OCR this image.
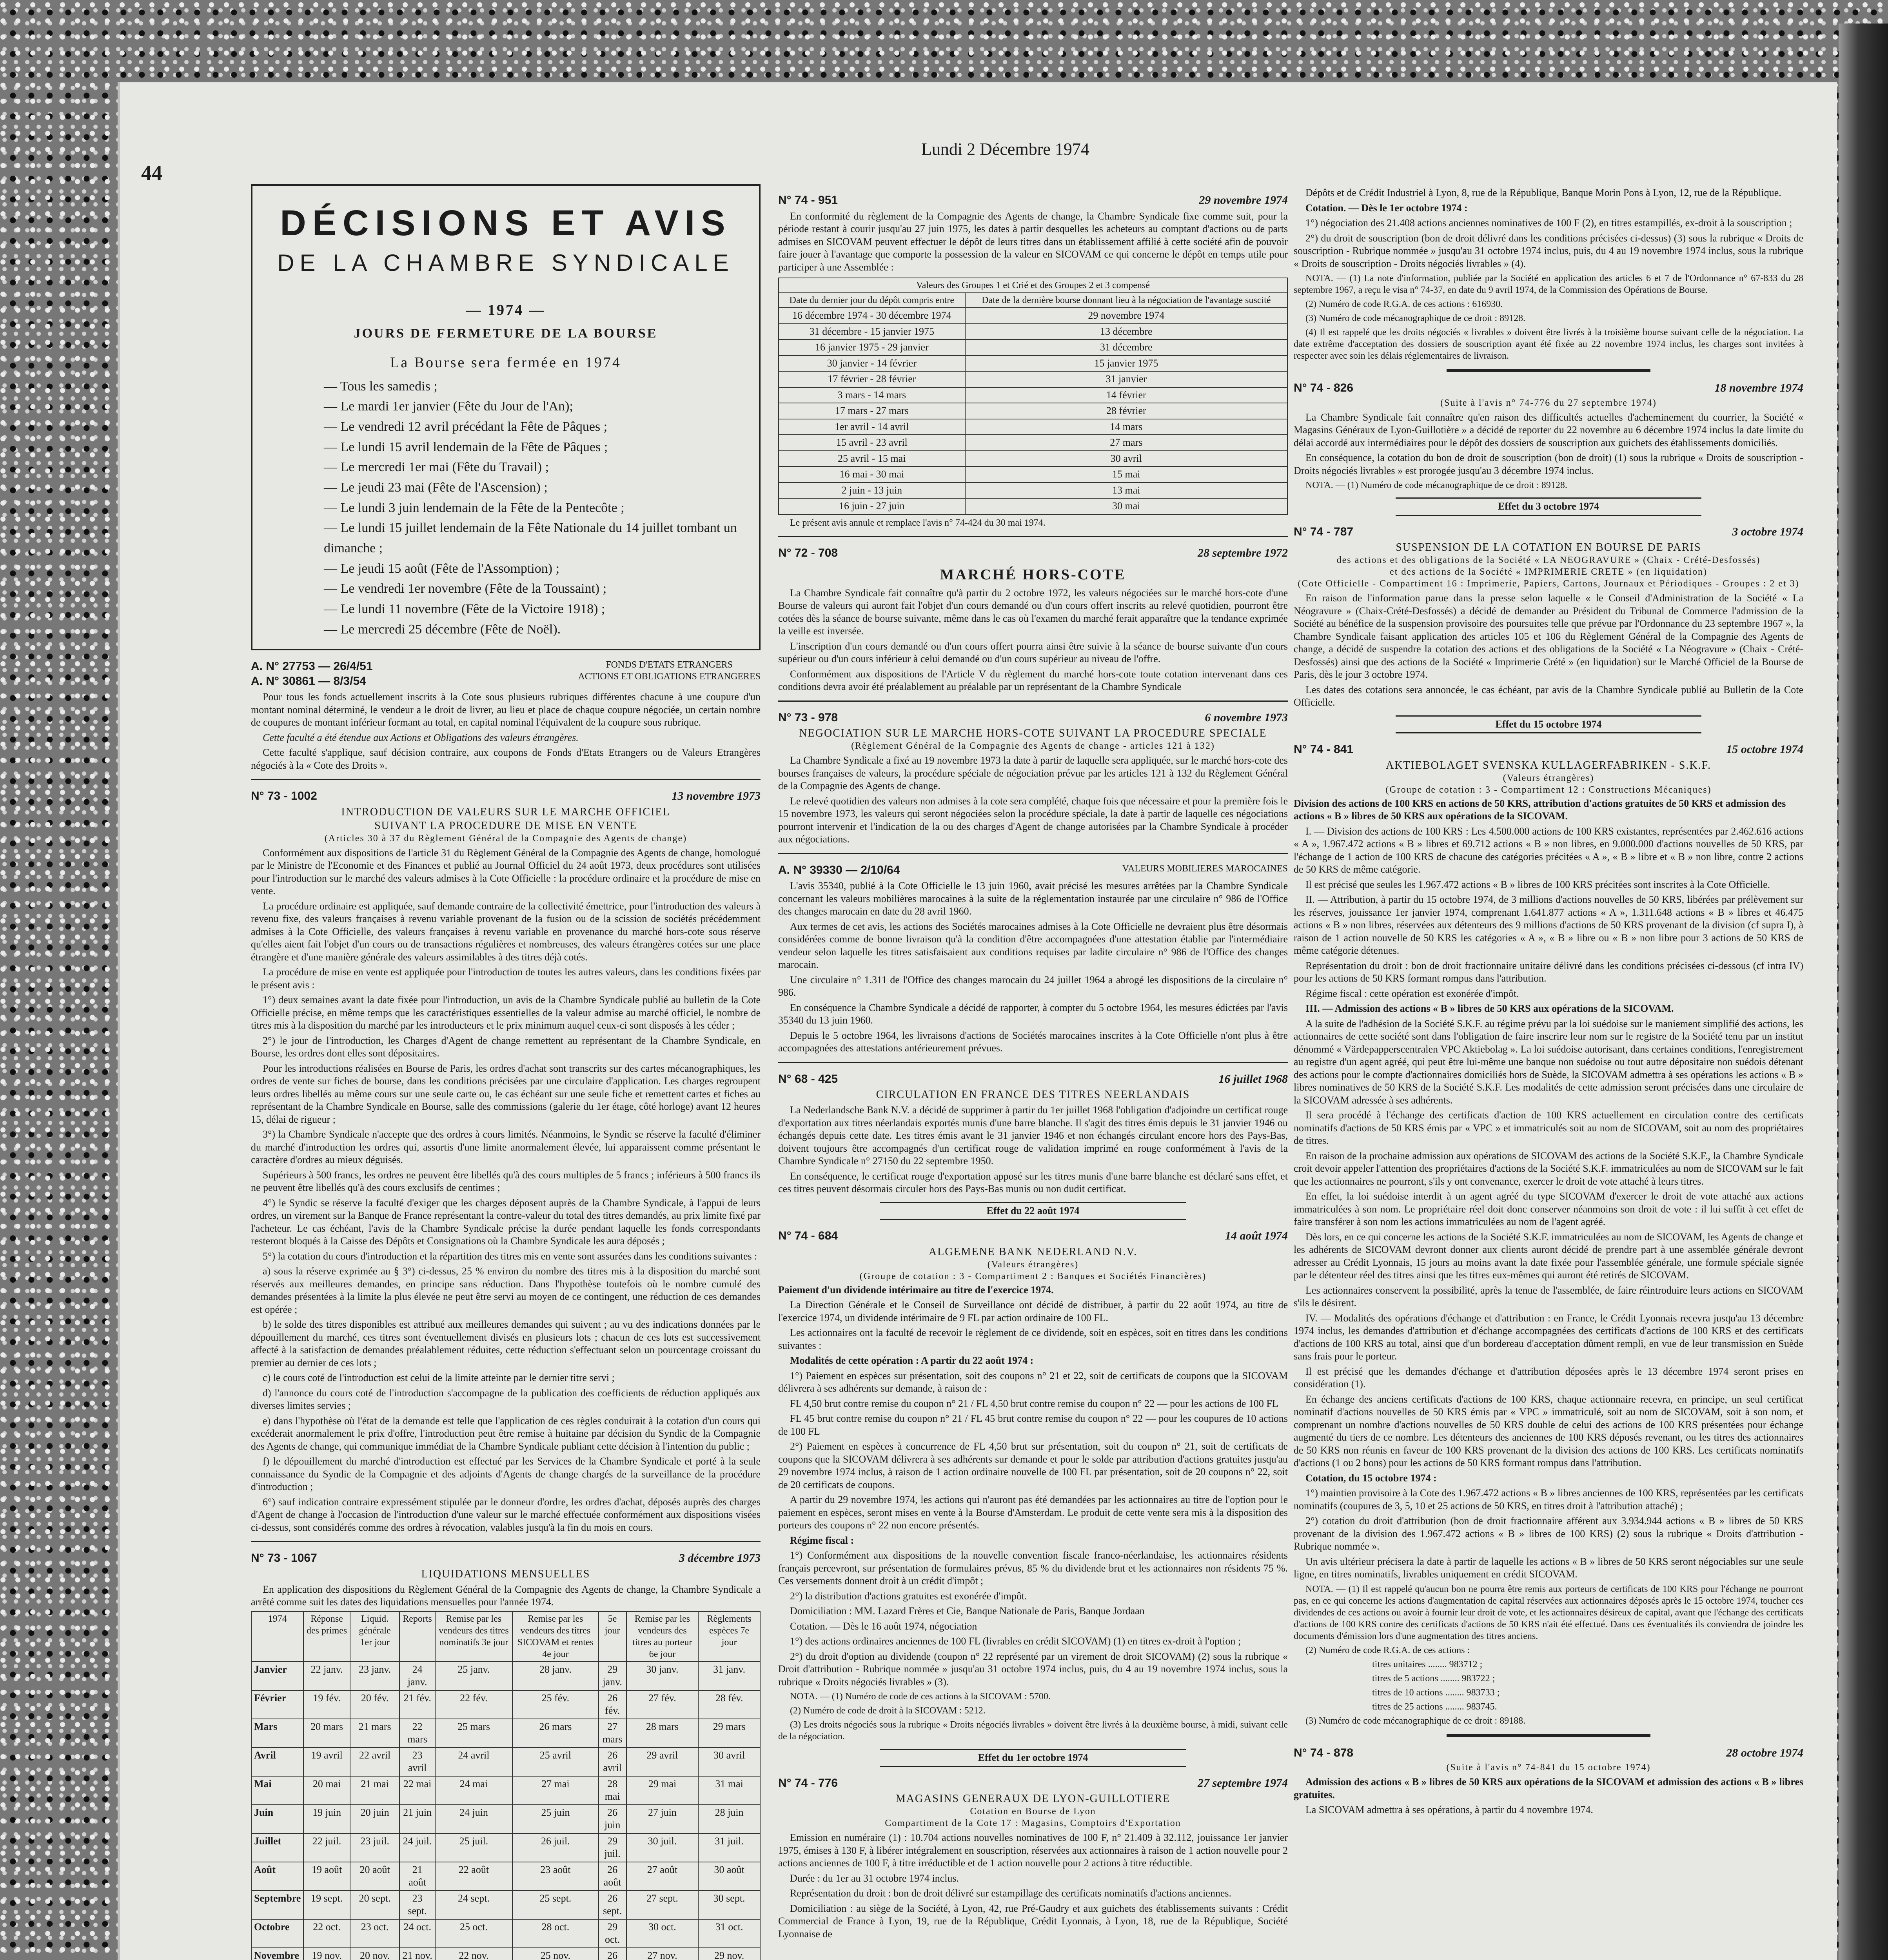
44
Lundi 2 Décembre 1974
DÉCISIONS ET AVIS
DE LA CHAMBRE SYNDICALE
— 1974 —
JOURS DE FERMETURE DE LA BOURSE
La Bourse sera fermée en 1974
— Tous les samedis ;
— Le mardi 1er janvier (Fête du Jour de l'An);
— Le vendredi 12 avril précédant la Fête de Pâques ;
— Le lundi 15 avril lendemain de la Fête de Pâques ;
— Le mercredi 1er mai (Fête du Travail) ;
— Le jeudi 23 mai (Fête de l'Ascension) ;
— Le lundi 3 juin lendemain de la Fête de la Pentecôte ;
— Le lundi 15 juillet lendemain de la Fête Nationale du 14 juillet tombant un dimanche ;
— Le jeudi 15 août (Fête de l'Assomption) ;
— Le vendredi 1er novembre (Fête de la Toussaint) ;
— Le lundi 11 novembre (Fête de la Victoire 1918) ;
— Le mercredi 25 décembre (Fête de Noël).
A. N° 27753 — 26/4/51
A. N° 30861 — 8/3/54
FONDS D'ETATS ETRANGERS
ACTIONS ET OBLIGATIONS ETRANGERES
Pour tous les fonds actuellement inscrits à la Cote sous plusieurs rubriques différentes chacune à une coupure d'un montant nominal déterminé, le vendeur a le droit de livrer, au lieu et place de chaque coupure négociée, un certain nombre de coupures de montant inférieur formant au total, en capital nominal l'équivalent de la coupure sous rubrique.
Cette faculté a été étendue aux Actions et Obligations des valeurs étrangères.
Cette faculté s'applique, sauf décision contraire, aux coupons de Fonds d'Etats Etrangers ou de Valeurs Etrangères négociés à la « Cote des Droits ».
N° 73 - 1002	13 novembre 1973
INTRODUCTION DE VALEURS SUR LE MARCHE OFFICIEL
SUIVANT LA PROCEDURE DE MISE EN VENTE
(Articles 30 à 37 du Règlement Général de la Compagnie des Agents de change)
Conformément aux dispositions de l'article 31 du Règlement Général de la Compagnie des Agents de change, homologué par le Ministre de l'Economie et des Finances et publié au Journal Officiel du 24 août 1973, deux procédures sont utilisées pour l'introduction sur le marché des valeurs admises à la Cote Officielle : la procédure ordinaire et la procédure de mise en vente.
La procédure ordinaire est appliquée, sauf demande contraire de la collectivité émettrice, pour l'introduction des valeurs à revenu fixe, des valeurs françaises à revenu variable provenant de la fusion ou de la scission de sociétés précédemment admises à la Cote Officielle, des valeurs françaises à revenu variable en provenance du marché hors-cote sous réserve qu'elles aient fait l'objet d'un cours ou de transactions régulières et nombreuses, des valeurs étrangères cotées sur une place étrangère et d'une manière générale des valeurs assimilables à des titres déjà cotés.
La procédure de mise en vente est appliquée pour l'introduction de toutes les autres valeurs, dans les conditions fixées par le présent avis :
1°) deux semaines avant la date fixée pour l'introduction, un avis de la Chambre Syndicale publié au bulletin de la Cote Officielle précise, en même temps que les caractéristiques essentielles de la valeur admise au marché officiel, le nombre de titres mis à la disposition du marché par les introducteurs et le prix minimum auquel ceux-ci sont disposés à les céder ;
2°) le jour de l'introduction, les Charges d'Agent de change remettent au représentant de la Chambre Syndicale, en Bourse, les ordres dont elles sont dépositaires.
Pour les introductions réalisées en Bourse de Paris, les ordres d'achat sont transcrits sur des cartes mécanographiques, les ordres de vente sur fiches de bourse, dans les conditions précisées par une circulaire d'application. Les charges regroupent leurs ordres libellés au même cours sur une seule carte ou, le cas échéant sur une seule fiche et remettent cartes et fiches au représentant de la Chambre Syndicale en Bourse, salle des commissions (galerie du 1er étage, côté horloge) avant 12 heures 15, délai de rigueur ;
3°) la Chambre Syndicale n'accepte que des ordres à cours limités. Néanmoins, le Syndic se réserve la faculté d'éliminer du marché d'introduction les ordres qui, assortis d'une limite anormalement élevée, lui apparaissent comme présentant le caractère d'ordres au mieux déguisés.
Supérieurs à 500 francs, les ordres ne peuvent être libellés qu'à des cours multiples de 5 francs ; inférieurs à 500 francs ils ne peuvent être libellés qu'à des cours exclusifs de centimes ;
4°) le Syndic se réserve la faculté d'exiger que les charges déposent auprès de la Chambre Syndicale, à l'appui de leurs ordres, un virement sur la Banque de France représentant la contre-valeur du total des titres demandés, au prix limite fixé par l'acheteur. Le cas échéant, l'avis de la Chambre Syndicale précise la durée pendant laquelle les fonds correspondants resteront bloqués à la Caisse des Dépôts et Consignations où la Chambre Syndicale les aura déposés ;
5°) la cotation du cours d'introduction et la répartition des titres mis en vente sont assurées dans les conditions suivantes :
a) sous la réserve exprimée au § 3°) ci-dessus, 25 % environ du nombre des titres mis à la disposition du marché sont réservés aux meilleures demandes, en principe sans réduction. Dans l'hypothèse toutefois où le nombre cumulé des demandes présentées à la limite la plus élevée ne peut être servi au moyen de ce contingent, une réduction de ces demandes est opérée ;
b) le solde des titres disponibles est attribué aux meilleures demandes qui suivent ; au vu des indications données par le dépouillement du marché, ces titres sont éventuellement divisés en plusieurs lots ; chacun de ces lots est successivement affecté à la satisfaction de demandes préalablement réduites, cette réduction s'effectuant selon un pourcentage croissant du premier au dernier de ces lots ;
c) le cours coté de l'introduction est celui de la limite atteinte par le dernier titre servi ;
d) l'annonce du cours coté de l'introduction s'accompagne de la publication des coefficients de réduction appliqués aux diverses limites servies ;
e) dans l'hypothèse où l'état de la demande est telle que l'application de ces règles conduirait à la cotation d'un cours qui excéderait anormalement le prix d'offre, l'introduction peut être remise à huitaine par décision du Syndic de la Compagnie des Agents de change, qui communique immédiat de la Chambre Syndicale publiant cette décision à l'intention du public ;
f) le dépouillement du marché d'introduction est effectué par les Services de la Chambre Syndicale et porté à la seule connaissance du Syndic de la Compagnie et des adjoints d'Agents de change chargés de la surveillance de la procédure d'introduction ;
6°) sauf indication contraire expressément stipulée par le donneur d'ordre, les ordres d'achat, déposés auprès des charges d'Agent de change à l'occasion de l'introduction d'une valeur sur le marché effectuée conformément aux dispositions visées ci-dessus, sont considérés comme des ordres à révocation, valables jusqu'à la fin du mois en cours.
N° 73 - 1067	3 décembre 1973
LIQUIDATIONS MENSUELLES
En application des dispositions du Règlement Général de la Compagnie des Agents de change, la Chambre Syndicale a arrêté comme suit les dates des liquidations mensuelles pour l'année 1974.
1974	Réponse des primes	Liquid. générale 1er jour	Reports	Remise par les vendeurs des titres nominatifs 3e jour	Remise par les vendeurs des titres SICOVAM et rentes 4e jour	5e jour	Remise par les vendeurs des titres au porteur 6e jour	Règlements espèces 7e jour
Janvier	22 janv.	23 janv.	24 janv.	25 janv.	28 janv.	29 janv.	30 janv.	31 janv.
Février	19 fév.	20 fév.	21 fév.	22 fév.	25 fév.	26 fév.	27 fév.	28 fév.
Mars	20 mars	21 mars	22 mars	25 mars	26 mars	27 mars	28 mars	29 mars
Avril	19 avril	22 avril	23 avril	24 avril	25 avril	26 avril	29 avril	30 avril
Mai	20 mai	21 mai	22 mai	24 mai	27 mai	28 mai	29 mai	31 mai
Juin	19 juin	20 juin	21 juin	24 juin	25 juin	26 juin	27 juin	28 juin
Juillet	22 juil.	23 juil.	24 juil.	25 juil.	26 juil.	29 juil.	30 juil.	31 juil.
Août	19 août	20 août	21 août	22 août	23 août	26 août	27 août	30 août
Septembre	19 sept.	20 sept.	23 sept.	24 sept.	25 sept.	26 sept.	27 sept.	30 sept.
Octobre	22 oct.	23 oct.	24 oct.	25 oct.	28 oct.	29 oct.	30 oct.	31 oct.
Novembre	19 nov.	20 nov.	21 nov.	22 nov.	25 nov.	26	27 nov.	29 nov.

N° 74 - 951	29 novembre 1974
En conformité du règlement de la Compagnie des Agents de change, la Chambre Syndicale fixe comme suit, pour la période restant à courir jusqu'au 27 juin 1975, les dates à partir desquelles les acheteurs au comptant d'actions ou de parts admises en SICOVAM peuvent effectuer le dépôt de leurs titres dans un établissement affilié à cette société afin de pouvoir faire jouer à l'avantage que comporte la possession de la valeur en SICOVAM ce qui concerne le dépôt en temps utile pour participer à une Assemblée :
Valeurs des Groupes 1 et Crié et des Groupes 2 et 3 compensé	
Date du dernier jour du dépôt compris entre	Date de la dernière bourse donnant lieu à la négociation de l'avantage suscité
16 décembre 1974 - 30 décembre 1974	29 novembre 1974
31 décembre - 15 janvier 1975	13 décembre
16 janvier 1975 - 29 janvier	31 décembre
30 janvier - 14 février	15 janvier 1975
17 février - 28 février	31 janvier
3 mars - 14 mars	14 février
17 mars - 27 mars	28 février
1er avril - 14 avril	14 mars
15 avril - 23 avril	27 mars
25 avril - 15 mai	30 avril
16 mai - 30 mai	15 mai
2 juin - 13 juin	13 mai
16 juin - 27 juin	30 mai
Le présent avis annule et remplace l'avis n° 74-424 du 30 mai 1974.
N° 72 - 708	28 septembre 1972
MARCHÉ HORS-COTE
La Chambre Syndicale fait connaître qu'à partir du 2 octobre 1972, les valeurs négociées sur le marché hors-cote d'une Bourse de valeurs qui auront fait l'objet d'un cours demandé ou d'un cours offert inscrits au relevé quotidien, pourront être cotées dès la séance de bourse suivante, même dans le cas où l'examen du marché ferait apparaître que la tendance exprimée la veille est inversée.
L'inscription d'un cours demandé ou d'un cours offert pourra ainsi être suivie à la séance de bourse suivante d'un cours supérieur ou d'un cours inférieur à celui demandé ou d'un cours supérieur au niveau de l'offre.
Conformément aux dispositions de l'Article V du règlement du marché hors-cote toute cotation intervenant dans ces conditions devra avoir été préalablement au préalable par un représentant de la Chambre Syndicale
N° 73 - 978	6 novembre 1973
NEGOCIATION SUR LE MARCHE HORS-COTE SUIVANT LA PROCEDURE SPECIALE
(Règlement Général de la Compagnie des Agents de change - articles 121 à 132)
La Chambre Syndicale a fixé au 19 novembre 1973 la date à partir de laquelle sera appliquée, sur le marché hors-cote des bourses françaises de valeurs, la procédure spéciale de négociation prévue par les articles 121 à 132 du Règlement Général de la Compagnie des Agents de change.
Le relevé quotidien des valeurs non admises à la cote sera complété, chaque fois que nécessaire et pour la première fois le 15 novembre 1973, les valeurs qui seront négociées selon la procédure spéciale, la date à partir de laquelle ces négociations pourront intervenir et l'indication de la ou des charges d'Agent de change autorisées par la Chambre Syndicale à procéder aux négociations.
A. N° 39330 — 2/10/64	VALEURS MOBILIERES MAROCAINES
L'avis 35340, publié à la Cote Officielle le 13 juin 1960, avait précisé les mesures arrêtées par la Chambre Syndicale concernant les valeurs mobilières marocaines à la suite de la réglementation instaurée par une circulaire n° 986 de l'Office des changes marocain en date du 28 avril 1960.
Aux termes de cet avis, les actions des Sociétés marocaines admises à la Cote Officielle ne devraient plus être désormais considérées comme de bonne livraison qu'à la condition d'être accompagnées d'une attestation établie par l'intermédiaire vendeur selon laquelle les titres satisfaisaient aux conditions requises par ladite circulaire n° 986 de l'Office des changes marocain.
Une circulaire n° 1.311 de l'Office des changes marocain du 24 juillet 1964 a abrogé les dispositions de la circulaire n° 986.
En conséquence la Chambre Syndicale a décidé de rapporter, à compter du 5 octobre 1964, les mesures édictées par l'avis 35340 du 13 juin 1960.
Depuis le 5 octobre 1964, les livraisons d'actions de Sociétés marocaines inscrites à la Cote Officielle n'ont plus à être accompagnées des attestations antérieurement prévues.
N° 68 - 425	16 juillet 1968
CIRCULATION EN FRANCE DES TITRES NEERLANDAIS
La Nederlandsche Bank N.V. a décidé de supprimer à partir du 1er juillet 1968 l'obligation d'adjoindre un certificat rouge d'exportation aux titres néerlandais exportés munis d'une barre blanche. Il s'agit des titres émis depuis le 31 janvier 1946 ou échangés depuis cette date. Les titres émis avant le 31 janvier 1946 et non échangés circulant encore hors des Pays-Bas, doivent toujours être accompagnés d'un certificat rouge de validation imprimé en rouge conformément à l'avis de la Chambre Syndicale n° 27150 du 22 septembre 1950.
En conséquence, le certificat rouge d'exportation apposé sur les titres munis d'une barre blanche est déclaré sans effet, et ces titres peuvent désormais circuler hors des Pays-Bas munis ou non dudit certificat.
Effet du 22 août 1974
N° 74 - 684	14 août 1974
ALGEMENE BANK NEDERLAND N.V.
(Valeurs étrangères)
(Groupe de cotation : 3 - Compartiment 2 : Banques et Sociétés Financières)
Paiement d'un dividende intérimaire au titre de l'exercice 1974.
La Direction Générale et le Conseil de Surveillance ont décidé de distribuer, à partir du 22 août 1974, au titre de l'exercice 1974, un dividende intérimaire de 9 FL par action ordinaire de 100 FL.
Les actionnaires ont la faculté de recevoir le règlement de ce dividende, soit en espèces, soit en titres dans les conditions suivantes :
Modalités de cette opération : A partir du 22 août 1974 :
1°) Paiement en espèces sur présentation, soit des coupons n° 21 et 22, soit de certificats de coupons que la SICOVAM délivrera à ses adhérents sur demande, à raison de :
FL 4,50 brut contre remise du coupon n° 21 / FL 4,50 brut contre remise du coupon n° 22 — pour les actions de 100 FL
FL 45 brut contre remise du coupon n° 21 / FL 45 brut contre remise du coupon n° 22 — pour les coupures de 10 actions de 100 FL
2°) Paiement en espèces à concurrence de FL 4,50 brut sur présentation, soit du coupon n° 21, soit de certificats de coupons que la SICOVAM délivrera à ses adhérents sur demande et pour le solde par attribution d'actions gratuites jusqu'au 29 novembre 1974 inclus, à raison de 1 action ordinaire nouvelle de 100 FL par présentation, soit de 20 coupons n° 22, soit de 20 certificats de coupons.
A partir du 29 novembre 1974, les actions qui n'auront pas été demandées par les actionnaires au titre de l'option pour le paiement en espèces, seront mises en vente à la Bourse d'Amsterdam. Le produit de cette vente sera mis à la disposition des porteurs des coupons n° 22 non encore présentés.
Régime fiscal :
1°) Conformément aux dispositions de la nouvelle convention fiscale franco-néerlandaise, les actionnaires résidents français percevront, sur présentation de formulaires prévus, 85 % du dividende brut et les actionnaires non résidents 75 %. Ces versements donnent droit à un crédit d'impôt ;
2°) la distribution d'actions gratuites est exonérée d'impôt.
Domiciliation : MM. Lazard Frères et Cie, Banque Nationale de Paris, Banque Jordaan
Cotation. — Dès le 16 août 1974, négociation
1°) des actions ordinaires anciennes de 100 FL (livrables en crédit SICOVAM) (1) en titres ex-droit à l'option ;
2°) du droit d'option au dividende (coupon n° 22 représenté par un virement de droit SICOVAM) (2) sous la rubrique « Droit d'attribution - Rubrique nommée » jusqu'au 31 octobre 1974 inclus, puis, du 4 au 19 novembre 1974 inclus, sous la rubrique « Droits négociés livrables » (3).
NOTA. — (1) Numéro de code de ces actions à la SICOVAM : 5700.
(2) Numéro de code de droit à la SICOVAM : 5212.
(3) Les droits négociés sous la rubrique « Droits négociés livrables » doivent être livrés à la deuxième bourse, à midi, suivant celle de la négociation.
Effet du 1er octobre 1974
N° 74 - 776	27 septembre 1974
MAGASINS GENERAUX DE LYON-GUILLOTIERE
Cotation en Bourse de Lyon
Compartiment de la Cote 17 : Magasins, Comptoirs d'Exportation
Emission en numéraire (1) : 10.704 actions nouvelles nominatives de 100 F, n° 21.409 à 32.112, jouissance 1er janvier 1975, émises à 130 F, à libérer intégralement en souscription, réservées aux actionnaires à raison de 1 action nouvelle pour 2 actions anciennes de 100 F, à titre irréductible et de 1 action nouvelle pour 2 actions à titre réductible.
Durée : du 1er au 31 octobre 1974 inclus.
Représentation du droit : bon de droit délivré sur estampillage des certificats nominatifs d'actions anciennes.
Domiciliation : au siège de la Société, à Lyon, 42, rue Pré-Gaudry et aux guichets des établissements suivants : Crédit Commercial de France à Lyon, 19, rue de la République, Crédit Lyonnais, à Lyon, 18, rue de la République, Société Lyonnaise de
Dépôts et de Crédit Industriel à Lyon, 8, rue de la République, Banque Morin Pons à Lyon, 12, rue de la République.
Cotation. — Dès le 1er octobre 1974 :
1°) négociation des 21.408 actions anciennes nominatives de 100 F (2), en titres estampillés, ex-droit à la souscription ;
2°) du droit de souscription (bon de droit délivré dans les conditions précisées ci-dessus) (3) sous la rubrique « Droits de souscription - Rubrique nommée » jusqu'au 31 octobre 1974 inclus, puis, du 4 au 19 novembre 1974 inclus, sous la rubrique « Droits de souscription - Droits négociés livrables » (4).
NOTA. — (1) La note d'information, publiée par la Société en application des articles 6 et 7 de l'Ordonnance n° 67-833 du 28 septembre 1967, a reçu le visa n° 74-37, en date du 9 avril 1974, de la Commission des Opérations de Bourse.
(2) Numéro de code R.G.A. de ces actions : 616930.
(3) Numéro de code mécanographique de ce droit : 89128.
(4) Il est rappelé que les droits négociés « livrables » doivent être livrés à la troisième bourse suivant celle de la négociation. La date extrême d'acceptation des dossiers de souscription ayant été fixée au 22 novembre 1974 inclus, les charges sont invitées à respecter avec soin les délais réglementaires de livraison.
N° 74 - 826	18 novembre 1974
(Suite à l'avis n° 74-776 du 27 septembre 1974)
La Chambre Syndicale fait connaître qu'en raison des difficultés actuelles d'acheminement du courrier, la Société « Magasins Généraux de Lyon-Guillotière » a décidé de reporter du 22 novembre au 6 décembre 1974 inclus la date limite du délai accordé aux intermédiaires pour le dépôt des dossiers de souscription aux guichets des établissements domiciliés.
En conséquence, la cotation du bon de droit de souscription (bon de droit) (1) sous la rubrique « Droits de souscription - Droits négociés livrables » est prorogée jusqu'au 3 décembre 1974 inclus.
NOTA. — (1) Numéro de code mécanographique de ce droit : 89128.
Effet du 3 octobre 1974
N° 74 - 787	3 octobre 1974
SUSPENSION DE LA COTATION EN BOURSE DE PARIS
des actions et des obligations de la Société « LA NEOGRAVURE » (Chaix - Crété-Desfossés)
et des actions de la Société « IMPRIMERIE CRETE » (en liquidation)
(Cote Officielle - Compartiment 16 : Imprimerie, Papiers, Cartons, Journaux et Périodiques - Groupes : 2 et 3)
En raison de l'information parue dans la presse selon laquelle « le Conseil d'Administration de la Société « La Néogravure » (Chaix-Crété-Desfossés) a décidé de demander au Président du Tribunal de Commerce l'admission de la Société au bénéfice de la suspension provisoire des poursuites telle que prévue par l'Ordonnance du 23 septembre 1967 », la Chambre Syndicale faisant application des articles 105 et 106 du Règlement Général de la Compagnie des Agents de change, a décidé de suspendre la cotation des actions et des obligations de la Société « La Néogravure » (Chaix - Crété-Desfossés) ainsi que des actions de la Société « Imprimerie Crété » (en liquidation) sur le Marché Officiel de la Bourse de Paris, dès le jour 3 octobre 1974.
Les dates des cotations sera annoncée, le cas échéant, par avis de la Chambre Syndicale publié au Bulletin de la Cote Officielle.
Effet du 15 octobre 1974
N° 74 - 841	15 octobre 1974
AKTIEBOLAGET SVENSKA KULLAGERFABRIKEN - S.K.F.
(Valeurs étrangères)
(Groupe de cotation : 3 - Compartiment 12 : Constructions Mécaniques)
Division des actions de 100 KRS en actions de 50 KRS, attribution d'actions gratuites de 50 KRS et admission des actions « B » libres de 50 KRS aux opérations de la SICOVAM.
I. — Division des actions de 100 KRS : Les 4.500.000 actions de 100 KRS existantes, représentées par 2.462.616 actions « A », 1.967.472 actions « B » libres et 69.712 actions « B » non libres, en 9.000.000 d'actions nouvelles de 50 KRS, par l'échange de 1 action de 100 KRS de chacune des catégories précitées « A », « B » libre et « B » non libre, contre 2 actions de 50 KRS de même catégorie.
Il est précisé que seules les 1.967.472 actions « B » libres de 100 KRS précitées sont inscrites à la Cote Officielle.
II. — Attribution, à partir du 15 octobre 1974, de 3 millions d'actions nouvelles de 50 KRS, libérées par prélèvement sur les réserves, jouissance 1er janvier 1974, comprenant 1.641.877 actions « A », 1.311.648 actions « B » libres et 46.475 actions « B » non libres, réservées aux détenteurs des 9 millions d'actions de 50 KRS provenant de la division (cf supra I), à raison de 1 action nouvelle de 50 KRS les catégories « A », « B » libre ou « B » non libre pour 3 actions de 50 KRS de même catégorie détenues.
Représentation du droit : bon de droit fractionnaire unitaire délivré dans les conditions précisées ci-dessous (cf intra IV) pour les actions de 50 KRS formant rompus dans l'attribution.
Régime fiscal : cette opération est exonérée d'impôt.
III. — Admission des actions « B » libres de 50 KRS aux opérations de la SICOVAM.
A la suite de l'adhésion de la Société S.K.F. au régime prévu par la loi suédoise sur le maniement simplifié des actions, les actionnaires de cette société sont dans l'obligation de faire inscrire leur nom sur le registre de la Société tenu par un institut dénommé « Värdepapperscentralen VPC Aktiebolag ». La loi suédoise autorisant, dans certaines conditions, l'enregistrement au registre d'un agent agréé, qui peut être lui-même une banque non suédoise ou tout autre dépositaire non suédois détenant des actions pour le compte d'actionnaires domiciliés hors de Suède, la SICOVAM admettra à ses opérations les actions « B » libres nominatives de 50 KRS de la Société S.K.F. Les modalités de cette admission seront précisées dans une circulaire de la SICOVAM adressée à ses adhérents.
Il sera procédé à l'échange des certificats d'action de 100 KRS actuellement en circulation contre des certificats nominatifs d'actions de 50 KRS émis par « VPC » et immatriculés soit au nom de SICOVAM, soit au nom des propriétaires de titres.
En raison de la prochaine admission aux opérations de SICOVAM des actions de la Société S.K.F., la Chambre Syndicale croit devoir appeler l'attention des propriétaires d'actions de la Société S.K.F. immatriculées au nom de SICOVAM sur le fait que les actionnaires ne pourront, s'ils y ont convenance, exercer le droit de vote attaché à leurs titres.
En effet, la loi suédoise interdit à un agent agréé du type SICOVAM d'exercer le droit de vote attaché aux actions immatriculées à son nom. Le propriétaire réel doit donc conserver néanmoins son droit de vote : il lui suffit à cet effet de faire transférer à son nom les actions immatriculées au nom de l'agent agréé.
Dès lors, en ce qui concerne les actions de la Société S.K.F. immatriculées au nom de SICOVAM, les Agents de change et les adhérents de SICOVAM devront donner aux clients auront décidé de prendre part à une assemblée générale devront adresser au Crédit Lyonnais, 15 jours au moins avant la date fixée pour l'assemblée générale, une formule spéciale signée par le détenteur réel des titres ainsi que les titres eux-mêmes qui auront été retirés de SICOVAM.
Les actionnaires conservent la possibilité, après la tenue de l'assemblée, de faire réintroduire leurs actions en SICOVAM s'ils le désirent.
IV. — Modalités des opérations d'échange et d'attribution : en France, le Crédit Lyonnais recevra jusqu'au 13 décembre 1974 inclus, les demandes d'attribution et d'échange accompagnées des certificats d'actions de 100 KRS et des certificats d'actions de 100 KRS au total, ainsi que d'un bordereau d'acceptation dûment rempli, en vue de leur transmission en Suède sans frais pour le porteur.
Il est précisé que les demandes d'échange et d'attribution déposées après le 13 décembre 1974 seront prises en considération (1).
En échange des anciens certificats d'actions de 100 KRS, chaque actionnaire recevra, en principe, un seul certificat nominatif d'actions nouvelles de 50 KRS émis par « VPC » immatriculé, soit au nom de SICOVAM, soit à son nom, et comprenant un nombre d'actions nouvelles de 50 KRS double de celui des actions de 100 KRS présentées pour échange augmenté du tiers de ce nombre. Les détenteurs des anciennes de 100 KRS déposés revenant, ou les titres des actionnaires de 50 KRS non réunis en faveur de 100 KRS provenant de la division des actions de 100 KRS. Les certificats nominatifs d'actions (1 ou 2 bons) pour les actions de 50 KRS formant rompus dans l'attribution.
Cotation, du 15 octobre 1974 :
1°) maintien provisoire à la Cote des 1.967.472 actions « B » libres anciennes de 100 KRS, représentées par les certificats nominatifs (coupures de 3, 5, 10 et 25 actions de 50 KRS, en titres droit à l'attribution attaché) ;
2°) cotation du droit d'attribution (bon de droit fractionnaire afférent aux 3.934.944 actions « B » libres de 50 KRS provenant de la division des 1.967.472 actions « B » libres de 100 KRS) (2) sous la rubrique « Droits d'attribution - Rubrique nommée ».
Un avis ultérieur précisera la date à partir de laquelle les actions « B » libres de 50 KRS seront négociables sur une seule ligne, en titres nominatifs, livrables uniquement en crédit SICOVAM.
NOTA. — (1) Il est rappelé qu'aucun bon ne pourra être remis aux porteurs de certificats de 100 KRS pour l'échange ne pourront pas, en ce qui concerne les actions d'augmentation de capital réservées aux actionnaires déposés après le 15 octobre 1974, toucher ces dividendes de ces actions ou avoir à fournir leur droit de vote, et les actionnaires désireux de capital, avant que l'échange des certificats d'actions de 100 KRS contre des certificats d'actions de 50 KRS n'ait été effectué. Dans ces éventualités ils conviendra de joindre les documents d'émission lors d'une augmentation des titres anciens.
(2) Numéro de code R.G.A. de ces actions :
titres unitaires ........ 983712 ;
titres de 5 actions ........ 983722 ;
titres de 10 actions ........ 983733 ;
titres de 25 actions ........ 983745.
(3) Numéro de code mécanographique de ce droit : 89188.
N° 74 - 878	28 octobre 1974
(Suite à l'avis n° 74-841 du 15 octobre 1974)
Admission des actions « B » libres de 50 KRS aux opérations de la SICOVAM et admission des actions « B » libres gratuites.
La SICOVAM admettra à ses opérations, à partir du 4 novembre 1974.
